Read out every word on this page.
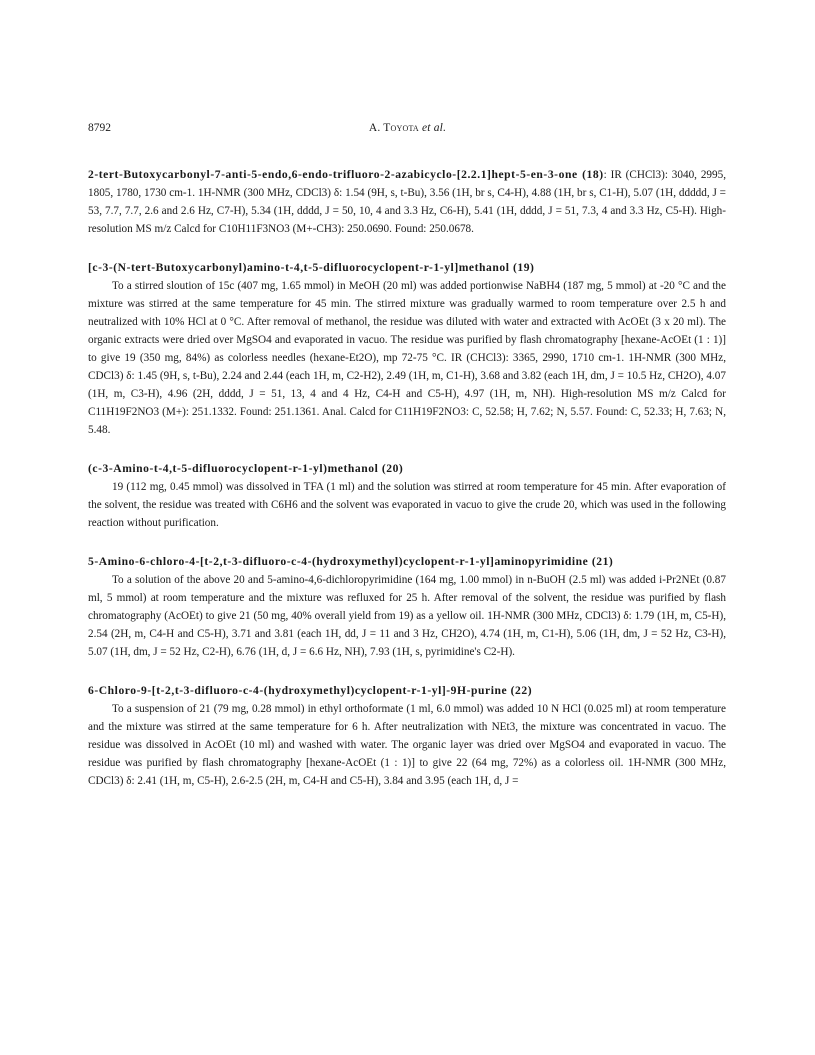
8792	A. Toyota et al.

2-tert-Butoxycarbonyl-7-anti-5-endo,6-endo-trifluoro-2-azabicyclo-[2.2.1]hept-5-en-3-one (18): IR (CHCl3): 3040, 2995, 1805, 1780, 1730 cm-1. 1H-NMR (300 MHz, CDCl3) δ: 1.54 (9H, s, t-Bu), 3.56 (1H, br s, C4-H), 4.88 (1H, br s, C1-H), 5.07 (1H, ddddd, J = 53, 7.7, 7.7, 2.6 and 2.6 Hz, C7-H), 5.34 (1H, dddd, J = 50, 10, 4 and 3.3 Hz, C6-H), 5.41 (1H, dddd, J = 51, 7.3, 4 and 3.3 Hz, C5-H). High-resolution MS m/z Calcd for C10H11F3NO3 (M+-CH3): 250.0690. Found: 250.0678.

[c-3-(N-tert-Butoxycarbonyl)amino-t-4,t-5-difluorocyclopent-r-1-yl]methanol (19)

To a stirred sloution of 15c (407 mg, 1.65 mmol) in MeOH (20 ml) was added portionwise NaBH4 (187 mg, 5 mmol) at -20 °C and the mixture was stirred at the same temperature for 45 min. The stirred mixture was gradually warmed to room temperature over 2.5 h and neutralized with 10% HCl at 0 °C. After removal of methanol, the residue was diluted with water and extracted with AcOEt (3 x 20 ml). The organic extracts were dried over MgSO4 and evaporated in vacuo. The residue was purified by flash chromatography [hexane-AcOEt (1 : 1)] to give 19 (350 mg, 84%) as colorless needles (hexane-Et2O), mp 72-75 °C. IR (CHCl3): 3365, 2990, 1710 cm-1. 1H-NMR (300 MHz, CDCl3) δ: 1.45 (9H, s, t-Bu), 2.24 and 2.44 (each 1H, m, C2-H2), 2.49 (1H, m, C1-H), 3.68 and 3.82 (each 1H, dm, J = 10.5 Hz, CH2O), 4.07 (1H, m, C3-H), 4.96 (2H, dddd, J = 51, 13, 4 and 4 Hz, C4-H and C5-H), 4.97 (1H, m, NH). High-resolution MS m/z Calcd for C11H19F2NO3 (M+): 251.1332. Found: 251.1361. Anal. Calcd for C11H19F2NO3: C, 52.58; H, 7.62; N, 5.57. Found: C, 52.33; H, 7.63; N, 5.48.

(c-3-Amino-t-4,t-5-difluorocyclopent-r-1-yl)methanol (20)

19 (112 mg, 0.45 mmol) was dissolved in TFA (1 ml) and the solution was stirred at room temperature for 45 min. After evaporation of the solvent, the residue was treated with C6H6 and the solvent was evaporated in vacuo to give the crude 20, which was used in the following reaction without purification.

5-Amino-6-chloro-4-[t-2,t-3-difluoro-c-4-(hydroxymethyl)cyclopent-r-1-yl]aminopyrimidine (21)

To a solution of the above 20 and 5-amino-4,6-dichloropyrimidine (164 mg, 1.00 mmol) in n-BuOH (2.5 ml) was added i-Pr2NEt (0.87 ml, 5 mmol) at room temperature and the mixture was refluxed for 25 h. After removal of the solvent, the residue was purified by flash chromatography (AcOEt) to give 21 (50 mg, 40% overall yield from 19) as a yellow oil. 1H-NMR (300 MHz, CDCl3) δ: 1.79 (1H, m, C5-H), 2.54 (2H, m, C4-H and C5-H), 3.71 and 3.81 (each 1H, dd, J = 11 and 3 Hz, CH2O), 4.74 (1H, m, C1-H), 5.06 (1H, dm, J = 52 Hz, C3-H), 5.07 (1H, dm, J = 52 Hz, C2-H), 6.76 (1H, d, J = 6.6 Hz, NH), 7.93 (1H, s, pyrimidine's C2-H).

6-Chloro-9-[t-2,t-3-difluoro-c-4-(hydroxymethyl)cyclopent-r-1-yl]-9H-purine (22)

To a suspension of 21 (79 mg, 0.28 mmol) in ethyl orthoformate (1 ml, 6.0 mmol) was added 10 N HCl (0.025 ml) at room temperature and the mixture was stirred at the same temperature for 6 h. After neutralization with NEt3, the mixture was concentrated in vacuo. The residue was dissolved in AcOEt (10 ml) and washed with water. The organic layer was dried over MgSO4 and evaporated in vacuo. The residue was purified by flash chromatography [hexane-AcOEt (1 : 1)] to give 22 (64 mg, 72%) as a colorless oil. 1H-NMR (300 MHz, CDCl3) δ: 2.41 (1H, m, C5-H), 2.6-2.5 (2H, m, C4-H and C5-H), 3.84 and 3.95 (each 1H, d, J =
